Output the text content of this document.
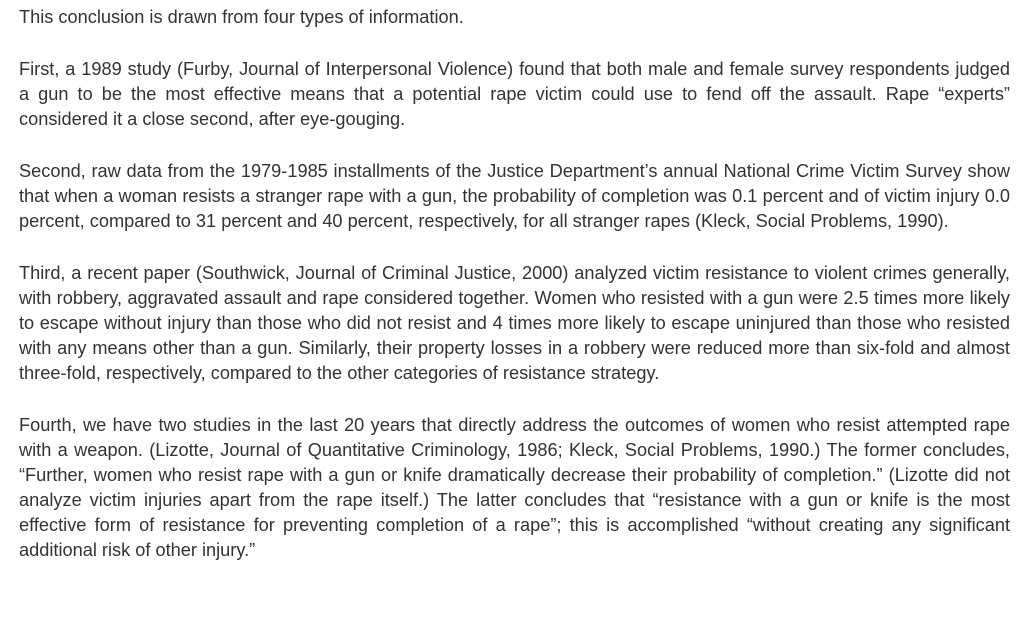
This conclusion is drawn from four types of information.

First, a 1989 study (Furby, Journal of Interpersonal Violence) found that both male and female survey respondents judged a gun to be the most effective means that a potential rape victim could use to fend off the assault. Rape “experts” considered it a close second, after eye-gouging.

Second, raw data from the 1979-1985 installments of the Justice Department’s annual National Crime Victim Survey show that when a woman resists a stranger rape with a gun, the probability of completion was 0.1 percent and of victim injury 0.0 percent, compared to 31 percent and 40 percent, respectively, for all stranger rapes (Kleck, Social Problems, 1990).

Third, a recent paper (Southwick, Journal of Criminal Justice, 2000) analyzed victim resistance to violent crimes generally, with robbery, aggravated assault and rape considered together. Women who resisted with a gun were 2.5 times more likely to escape without injury than those who did not resist and 4 times more likely to escape uninjured than those who resisted with any means other than a gun. Similarly, their property losses in a robbery were reduced more than six-fold and almost three-fold, respectively, compared to the other categories of resistance strategy.

Fourth, we have two studies in the last 20 years that directly address the outcomes of women who resist attempted rape with a weapon. (Lizotte, Journal of Quantitative Criminology, 1986; Kleck, Social Problems, 1990.) The former concludes, “Further, women who resist rape with a gun or knife dramatically decrease their probability of completion.” (Lizotte did not analyze victim injuries apart from the rape itself.) The latter concludes that “resistance with a gun or knife is the most effective form of resistance for preventing completion of a rape”; this is accomplished “without creating any significant additional risk of other injury.”
